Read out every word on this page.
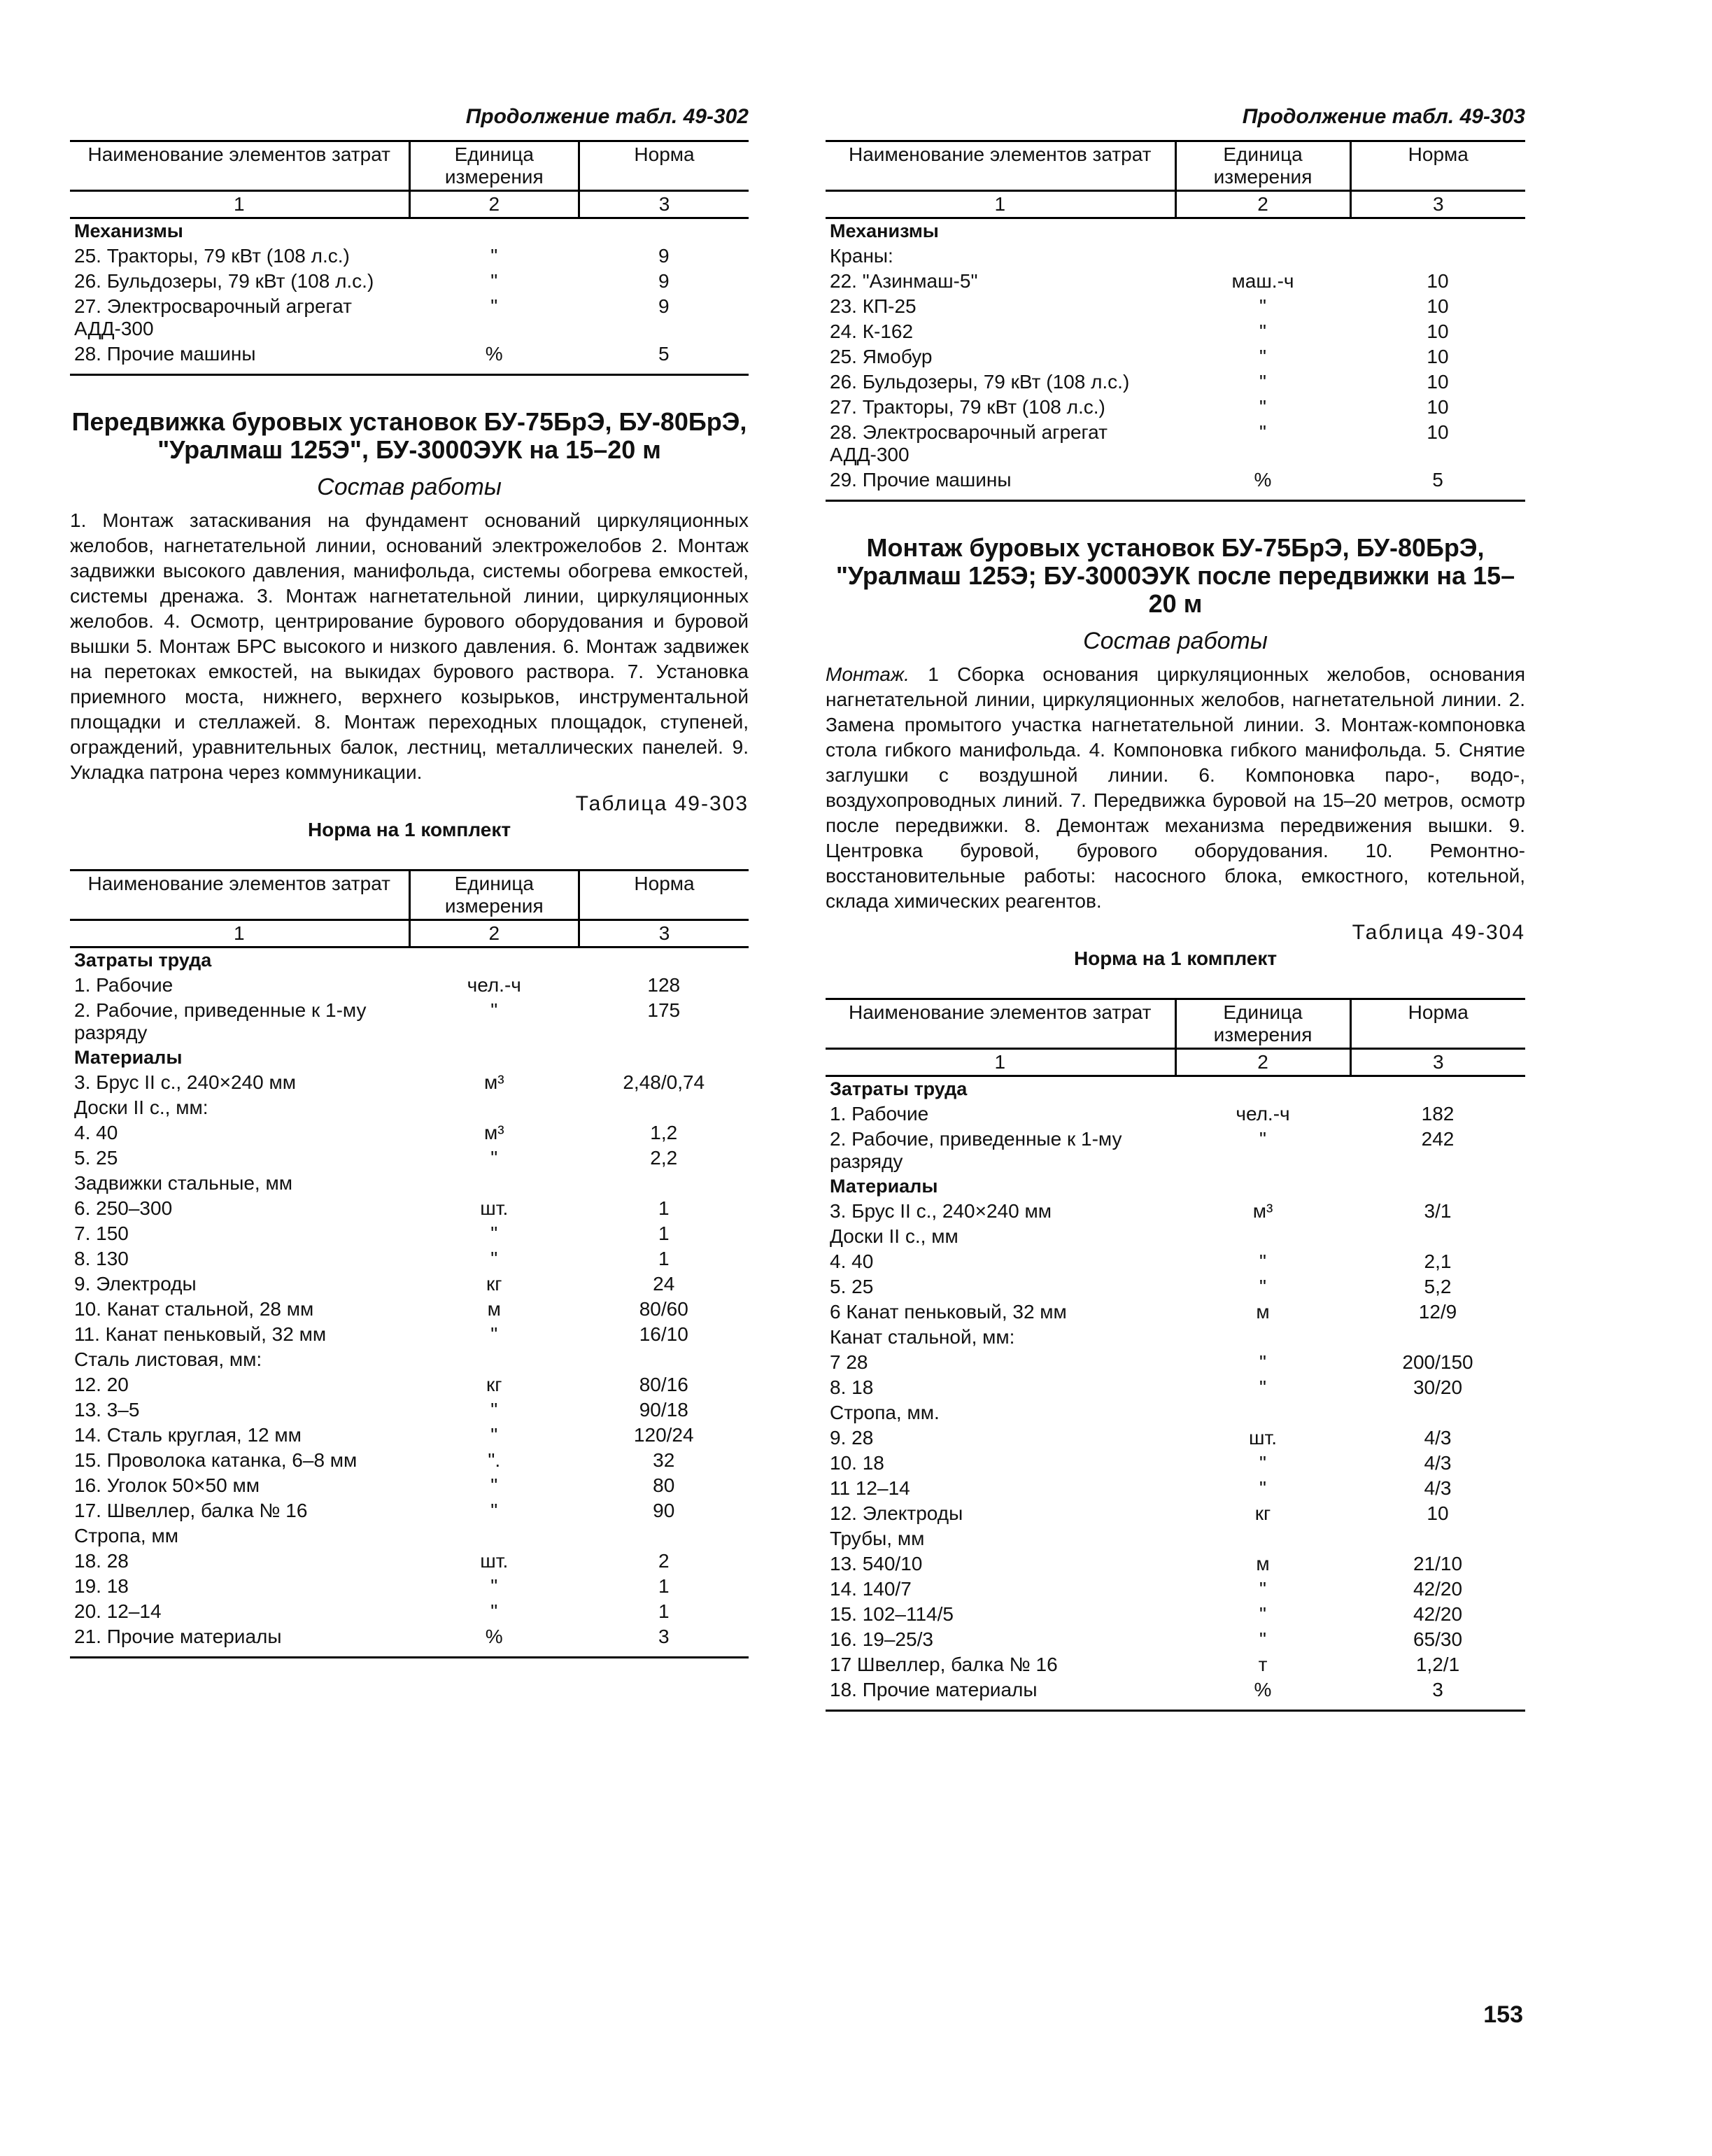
Продолжение табл. 49-302
Наименование элементов затрат	Единица измерения	Норма
1	2	3
Механизмы		
25. Тракторы, 79 кВт (108 л.с.)	"	9
26. Бульдозеры, 79 кВт (108 л.с.)	"	9
27. Электросварочный агрегат АДД-300	"	9
28. Прочие машины	%	5
Передвижка буровых установок БУ-75БрЭ, БУ-80БрЭ, "Уралмаш 125Э", БУ-3000ЭУК на 15–20 м
Состав работы

1. Монтаж затаскивания на фундамент оснований циркуляционных желобов, нагнетательной линии, оснований электрожелобов 2. Монтаж задвижки высокого давления, манифольда, системы обогрева емкостей, системы дренажа. 3. Монтаж нагнетательной линии, циркуляционных желобов. 4. Осмотр, центрирование бурового оборудования и буровой вышки 5. Монтаж БРС высокого и низкого давления. 6. Монтаж задвижек на перетоках емкостей, на выкидах бурового раствора. 7. Установка приемного моста, нижнего, верхнего козырьков, инструментальной площадки и стеллажей. 8. Монтаж переходных площадок, ступеней, ограждений, уравнительных балок, лестниц, металлических панелей. 9. Укладка патрона через коммуникации.

Таблица 49-303
Норма на 1 комплект
Наименование элементов затрат	Единица измерения	Норма
1	2	3
Затраты труда		
1. Рабочие	чел.-ч	128
2. Рабочие, приведенные к 1-му разряду	"	175
Материалы		
3. Брус II с., 240×240 мм	м³	2,48/0,74
Доски II с., мм:		
4. 40	м³	1,2
5. 25	"	2,2
Задвижки стальные, мм		
6. 250–300	шт.	1
7. 150	"	1
8. 130	"	1
9. Электроды	кг	24
10. Канат стальной, 28 мм	м	80/60
11. Канат пеньковый, 32 мм	"	16/10
Сталь листовая, мм:		
12. 20	кг	80/16
13. 3–5	"	90/18
14. Сталь круглая, 12 мм	"	120/24
15. Проволока катанка, 6–8 мм	".	32
16. Уголок 50×50 мм	"	80
17. Швеллер, балка № 16	"	90
Стропа, мм		
18. 28	шт.	2
19. 18	"	1
20. 12–14	"	1
21. Прочие материалы	%	3
Продолжение табл. 49-303
Наименование элементов затрат	Единица измерения	Норма
1	2	3
Механизмы		
Краны:		
22. "Азинмаш-5"	маш.-ч	10
23. КП-25	"	10
24. К-162	"	10
25. Ямобур	"	10
26. Бульдозеры, 79 кВт (108 л.с.)	"	10
27. Тракторы, 79 кВт (108 л.с.)	"	10
28. Электросварочный агрегат АДД-300	"	10
29. Прочие машины	%	5
Монтаж буровых установок БУ-75БрЭ, БУ-80БрЭ, "Уралмаш 125Э; БУ-3000ЭУК после передвижки на 15–20 м
Состав работы

Монтаж. 1 Сборка основания циркуляционных желобов, основания нагнетательной линии, циркуляционных желобов, нагнетательной линии. 2. Замена промытого участка нагнетательной линии. 3. Монтаж-компоновка стола гибкого манифольда. 4. Компоновка гибкого манифольда. 5. Снятие заглушки с воздушной линии. 6. Компоновка паро-, водо-, воздухопроводных линий. 7. Передвижка буровой на 15–20 метров, осмотр после передвижки. 8. Демонтаж механизма передвижения вышки. 9. Центровка буровой, бурового оборудования. 10. Ремонтно-восстановительные работы: насосного блока, емкостного, котельной, склада химических реагентов.

Таблица 49-304
Норма на 1 комплект
Наименование элементов затрат	Единица измерения	Норма
1	2	3
Затраты труда		
1. Рабочие	чел.-ч	182
2. Рабочие, приведенные к 1-му разряду	"	242
Материалы		
3. Брус II с., 240×240 мм	м³	3/1
Доски II с., мм		
4. 40	"	2,1
5. 25	"	5,2
6 Канат пеньковый, 32 мм	м	12/9
Канат стальной, мм:		
7 28	"	200/150
8. 18	"	30/20
Стропа, мм.		
9. 28	шт.	4/3
10. 18	"	4/3
11 12–14	"	4/3
12. Электроды	кг	10
Трубы, мм		
13. 540/10	м	21/10
14. 140/7	"	42/20
15. 102–114/5	"	42/20
16. 19–25/3	"	65/30
17 Швеллер, балка № 16	т	1,2/1
18. Прочие материалы	%	3
153
